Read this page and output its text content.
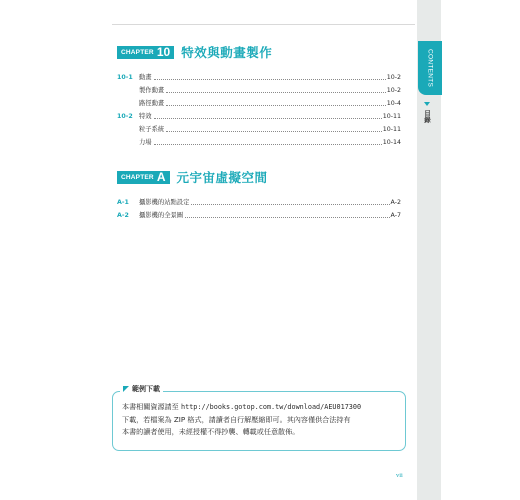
CHAPTER 10 特效與動畫製作
10-1 動畫	10-2
製作動畫	10-2
路徑動畫	10-4
10-2 特效	10-11
粒子系統	10-11
力場	10-14
CHAPTER A 元宇宙虛擬空間
A-1	攝影機的站點設定	A-2
A-2	攝影機的全景圖	A-7
範例下載
本書相關資源請至 http://books.gotop.com.tw/download/AEU017300
下載，若檔案為 ZIP 格式，請讀者自行解壓縮即可。其內容僅供合法持有
本書的讀者使用，未經授權不得抄襲、轉載或任意散佈。
vii
CONTENTS
目錄
